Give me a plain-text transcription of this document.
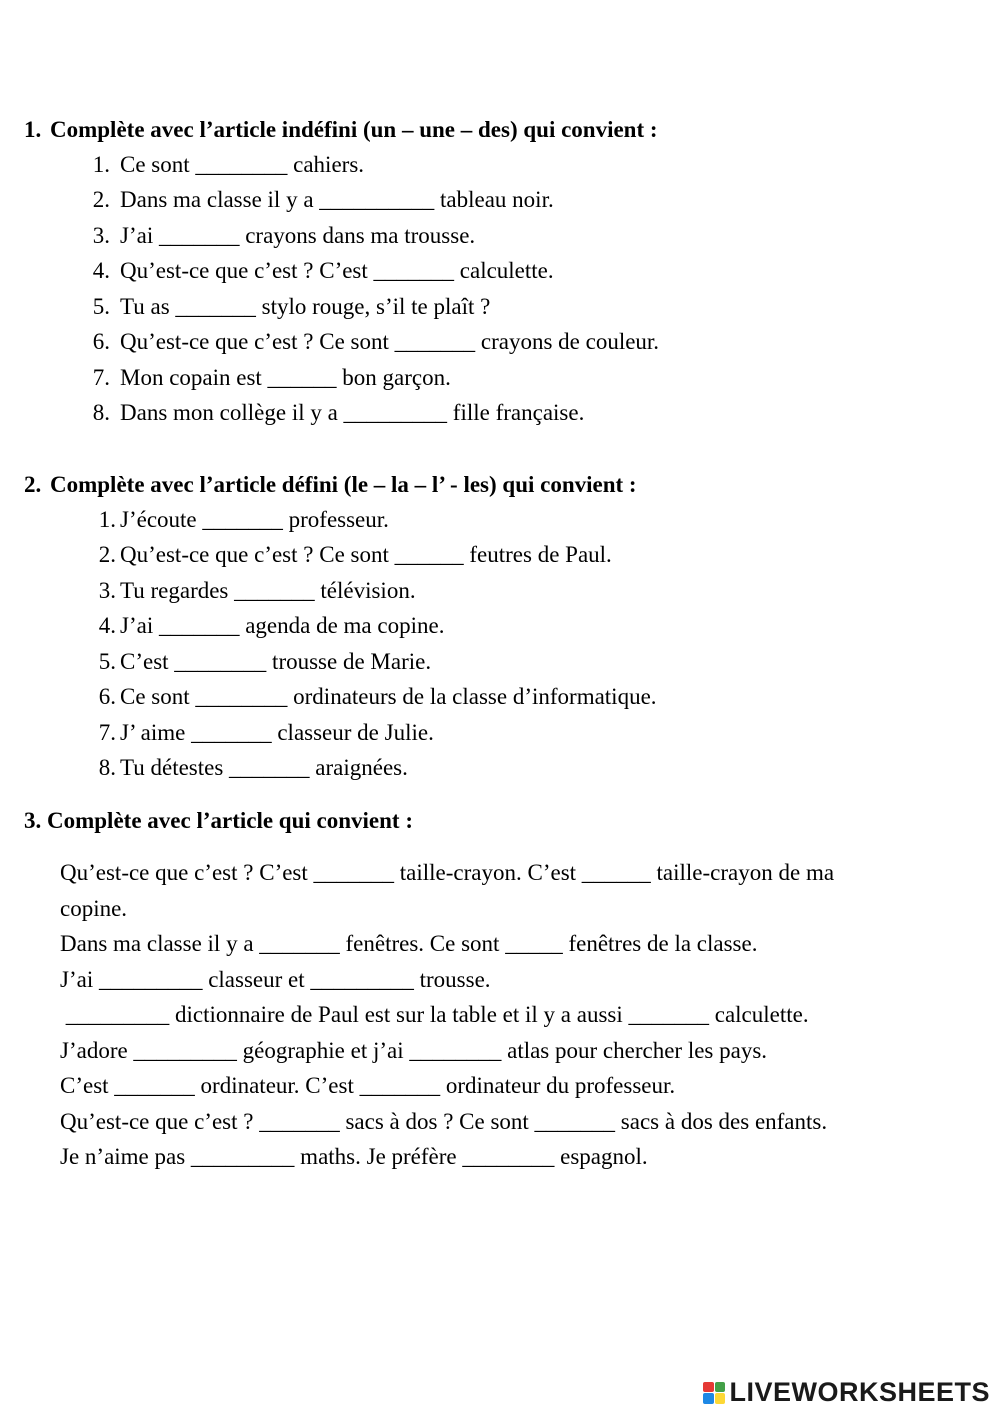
1. Complète avec l’article indéfini (un – une – des) qui convient :
1. Ce sont ________ cahiers.
2. Dans ma classe il y a __________ tableau noir.
3. J’ai _______ crayons dans ma trousse.
4. Qu’est-ce que c’est ? C’est _______ calculette.
5. Tu as _______ stylo rouge, s’il te plaît ?
6. Qu’est-ce que c’est ? Ce sont _______ crayons de couleur.
7. Mon copain est ______ bon garçon.
8. Dans mon collège il y a _________ fille française.
2. Complète avec l’article défini (le – la – l’ - les) qui convient :
1. J’écoute _______ professeur.
2. Qu’est-ce que c’est ? Ce sont ______ feutres de Paul.
3. Tu regardes _______ télévision.
4. J’ai _______ agenda de ma copine.
5. C’est ________ trousse de Marie.
6. Ce sont ________ ordinateurs de la classe d’informatique.
7. J’ aime _______ classeur de Julie.
8. Tu détestes _______ araignées.
3. Complète avec l’article qui convient :
Qu’est-ce que c’est ? C’est _______ taille-crayon. C’est ______ taille-crayon de ma
copine.
Dans ma classe il y a _______ fenêtres. Ce sont _____ fenêtres de la classe.
J’ai _________ classeur et _________ trousse.
_________ dictionnaire de Paul est sur la table et il y a aussi _______ calculette.
J’adore _________ géographie et j’ai ________ atlas pour chercher les pays.
C’est _______ ordinateur. C’est _______ ordinateur du professeur.
Qu’est-ce que c’est ? _______ sacs à dos ? Ce sont _______ sacs à dos des enfants.
Je n’aime pas _________ maths. Je préfère ________ espagnol.
LIVEWORKSHEETS
